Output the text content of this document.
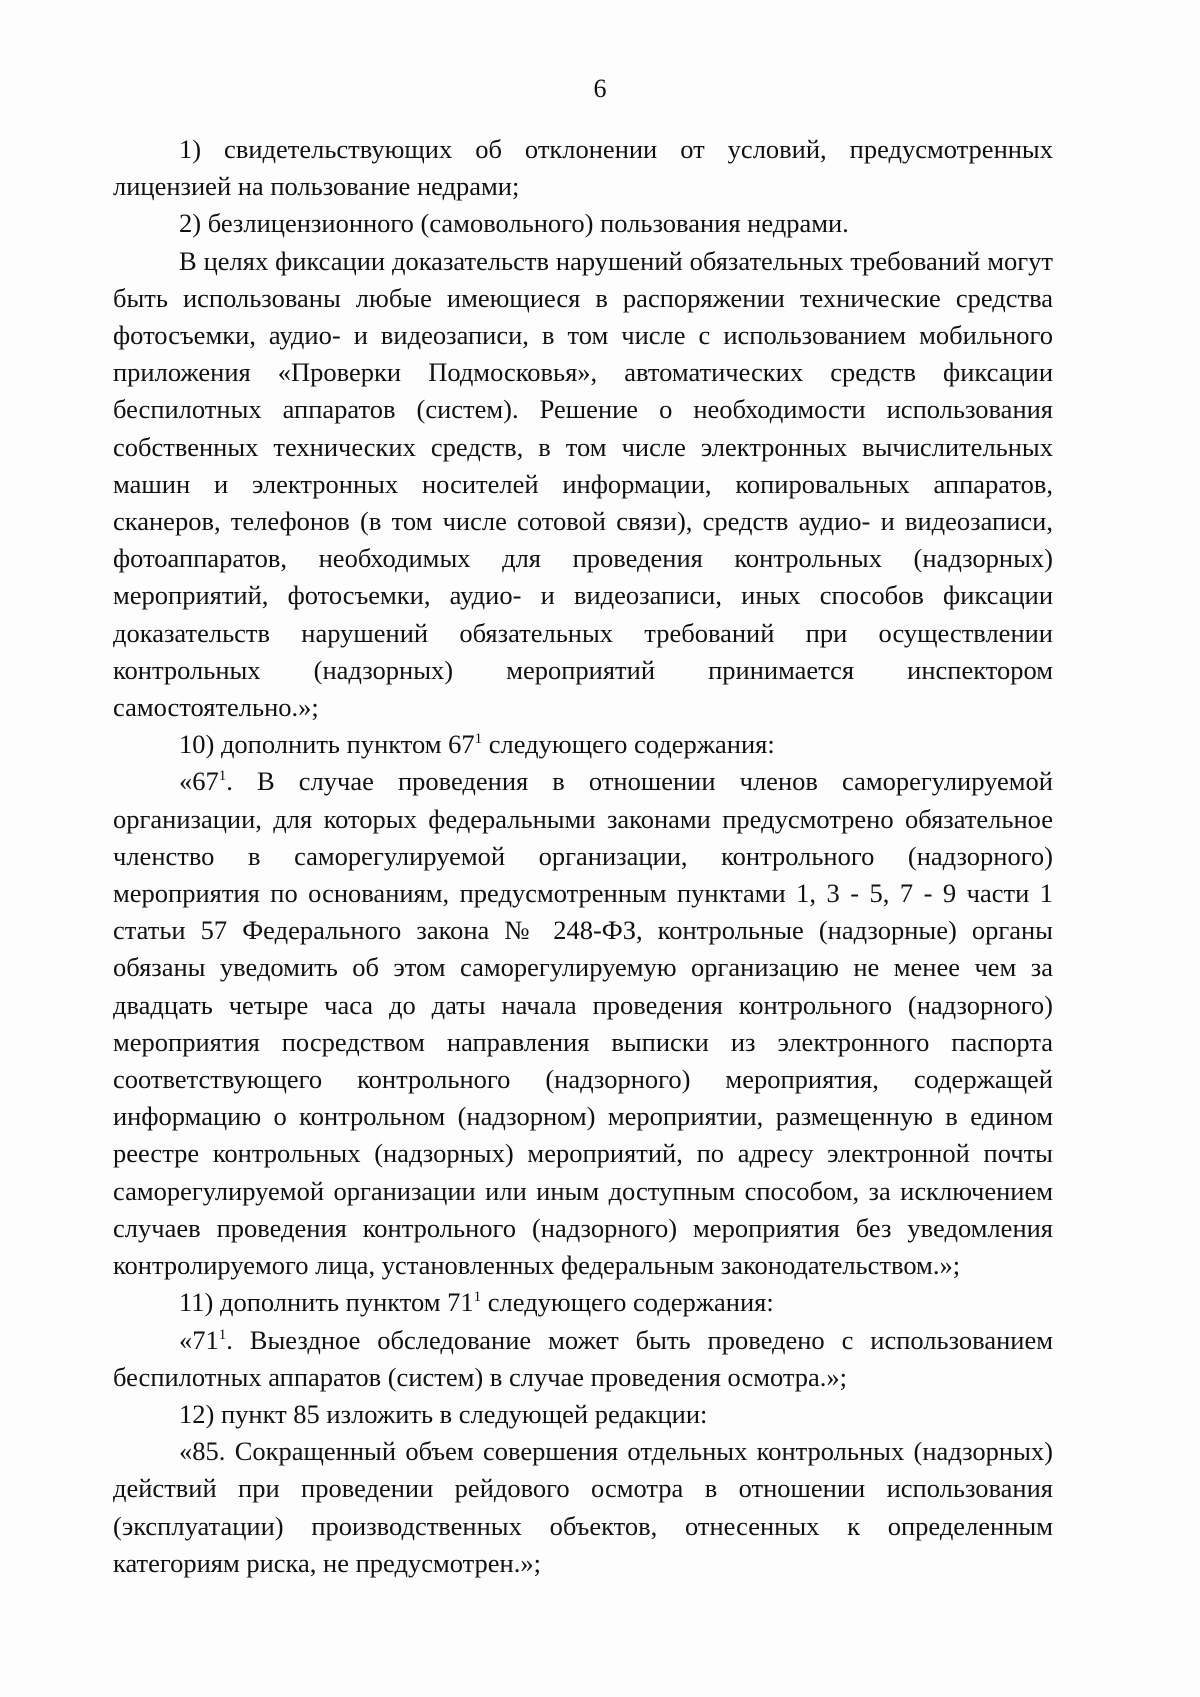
6

1) свидетельствующих об отклонении от условий, предусмотренных лицензией на пользование недрами;

2) безлицензионного (самовольного) пользования недрами.

В целях фиксации доказательств нарушений обязательных требований могут быть использованы любые имеющиеся в распоряжении технические средства фотосъемки, аудио- и видеозаписи, в том числе с использованием мобильного приложения «Проверки Подмосковья», автоматических средств фиксации беспилотных аппаратов (систем). Решение о необходимости использования собственных технических средств, в том числе электронных вычислительных машин и электронных носителей информации, копировальных аппаратов, сканеров, телефонов (в том числе сотовой связи), средств аудио- и видеозаписи, фотоаппаратов, необходимых для проведения контрольных (надзорных) мероприятий, фотосъемки, аудио- и видеозаписи, иных способов фиксации доказательств нарушений обязательных требований при осуществлении контрольных (надзорных) мероприятий принимается инспектором самостоятельно.»;

10) дополнить пунктом $67^1$ следующего содержания:

«$67^1$. В случае проведения в отношении членов саморегулируемой организации, для которых федеральными законами предусмотрено обязательное членство в саморегулируемой организации, контрольного (надзорного) мероприятия по основаниям, предусмотренным пунктами 1, 3 - 5, 7 - 9 части 1 статьи 57 Федерального закона № 248-ФЗ, контрольные (надзорные) органы обязаны уведомить об этом саморегулируемую организацию не менее чем за двадцать четыре часа до даты начала проведения контрольного (надзорного) мероприятия посредством направления выписки из электронного паспорта соответствующего контрольного (надзорного) мероприятия, содержащей информацию о контрольном (надзорном) мероприятии, размещенную в едином реестре контрольных (надзорных) мероприятий, по адресу электронной почты саморегулируемой организации или иным доступным способом, за исключением случаев проведения контрольного (надзорного) мероприятия без уведомления контролируемого лица, установленных федеральным законодательством.»;

11) дополнить пунктом $71^1$ следующего содержания:

«$71^1$. Выездное обследование может быть проведено с использованием беспилотных аппаратов (систем) в случае проведения осмотра.»;

12) пункт 85 изложить в следующей редакции:

«85. Сокращенный объем совершения отдельных контрольных (надзорных) действий при проведении рейдового осмотра в отношении использования (эксплуатации) производственных объектов, отнесенных к определенным категориям риска, не предусмотрен.»;
